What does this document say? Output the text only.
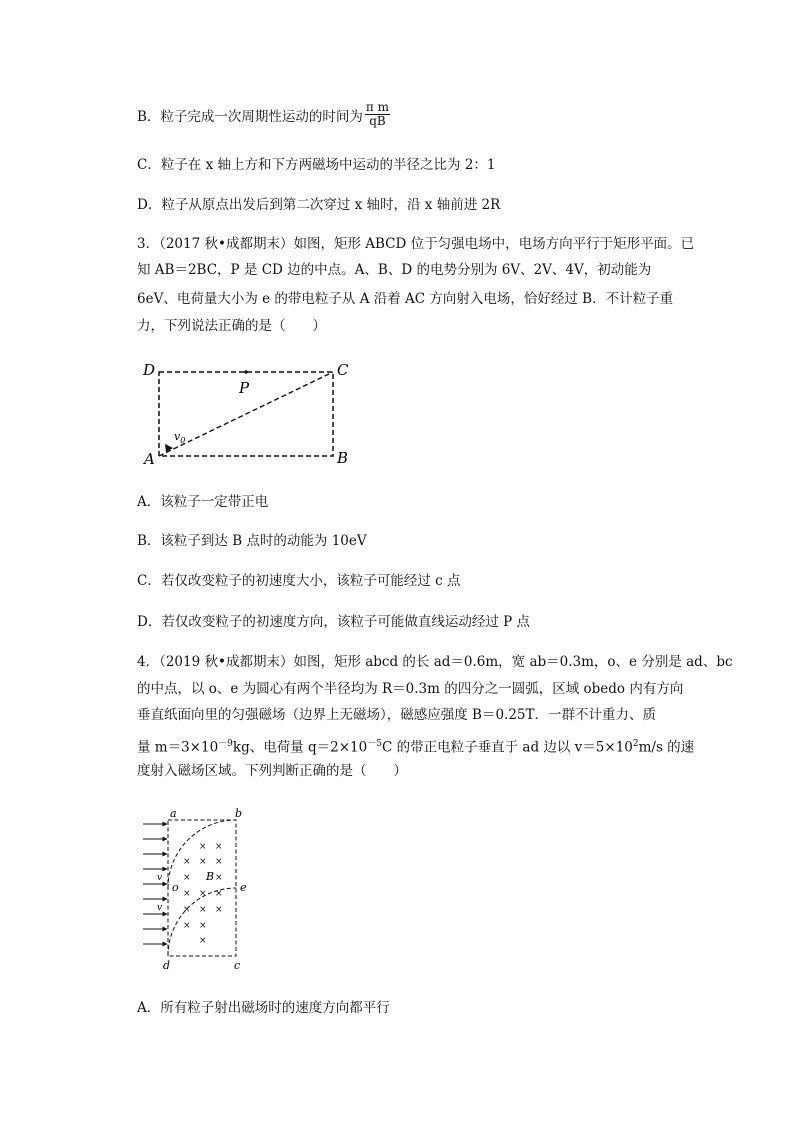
B．粒子完成一次周期性运动的时间为 $\frac{\text{π m}}{qB}$
C．粒子在 x 轴上方和下方两磁场中运动的半径之比为 2：1
D．粒子从原点出发后到第二次穿过 x 轴时，沿 x 轴前进 2R
3．（2017 秋•成都期末）如图，矩形 ABCD 位于匀强电场中，电场方向平行于矩形平面。已
知 AB＝2BC，P 是 CD 边的中点。A、B、D 的电势分别为 6V、2V、4V，初动能为
6eV、电荷量大小为 e 的带电粒子从 A 沿着 AC 方向射入电场，恰好经过 B．不计粒子重
力，下列说法正确的是（　　）
D	C
P
A	B
$v_0$
A．该粒子一定带正电
B．该粒子到达 B 点时的动能为 10eV
C．若仅改变粒子的初速度大小，该粒子可能经过 c 点
D．若仅改变粒子的初速度方向，该粒子可能做直线运动经过 P 点
4．（2019 秋•成都期末）如图，矩形 abcd 的长 ad＝0.6m，宽 ab＝0.3m，o、e 分别是 ad、bc
的中点，以 o、e 为圆心有两个半径均为 R＝0.3m 的四分之一圆弧，区域 obedo 内有方向
垂直纸面向里的匀强磁场（边界上无磁场），磁感应强度 B＝0.25T．一群不计重力、质
量 $m=3\times 10^{-9}kg$、电荷量 $q=2\times 10^{-5}C$ 的带正电粒子垂直于 ad 边以 $v=5\times 10^2m/s$ 的速
度射入磁场区域。下列判断正确的是（　　）
× ×
× × ×
×	×
× × ×
× × ×
× ×
×
a	b
o	e
B
d	c
v
v
A．所有粒子射出磁场时的速度方向都平行
